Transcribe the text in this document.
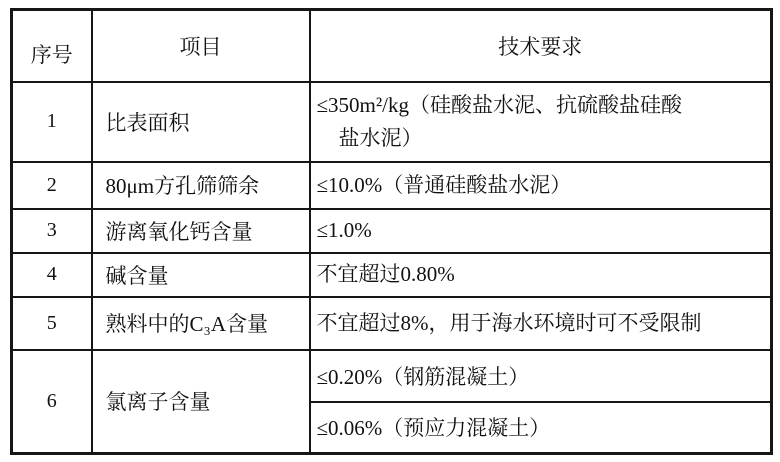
序号	项目	技术要求
1	比表面积	≤350m²/kg（硅酸盐水泥、抗硫酸盐硅酸
盐水泥）

2	80μm方孔筛筛余	≤10.0%（普通硅酸盐水泥）

3	游离氧化钙含量	≤1.0%

4	碱含量	不宜超过0.80%

5	熟料中的C₃A含量	不宜超过8%，用于海水环境时可不受限制

6	氯离子含量	≤0.20%（钢筋混凝土）
		≤0.06%（预应力混凝土）
